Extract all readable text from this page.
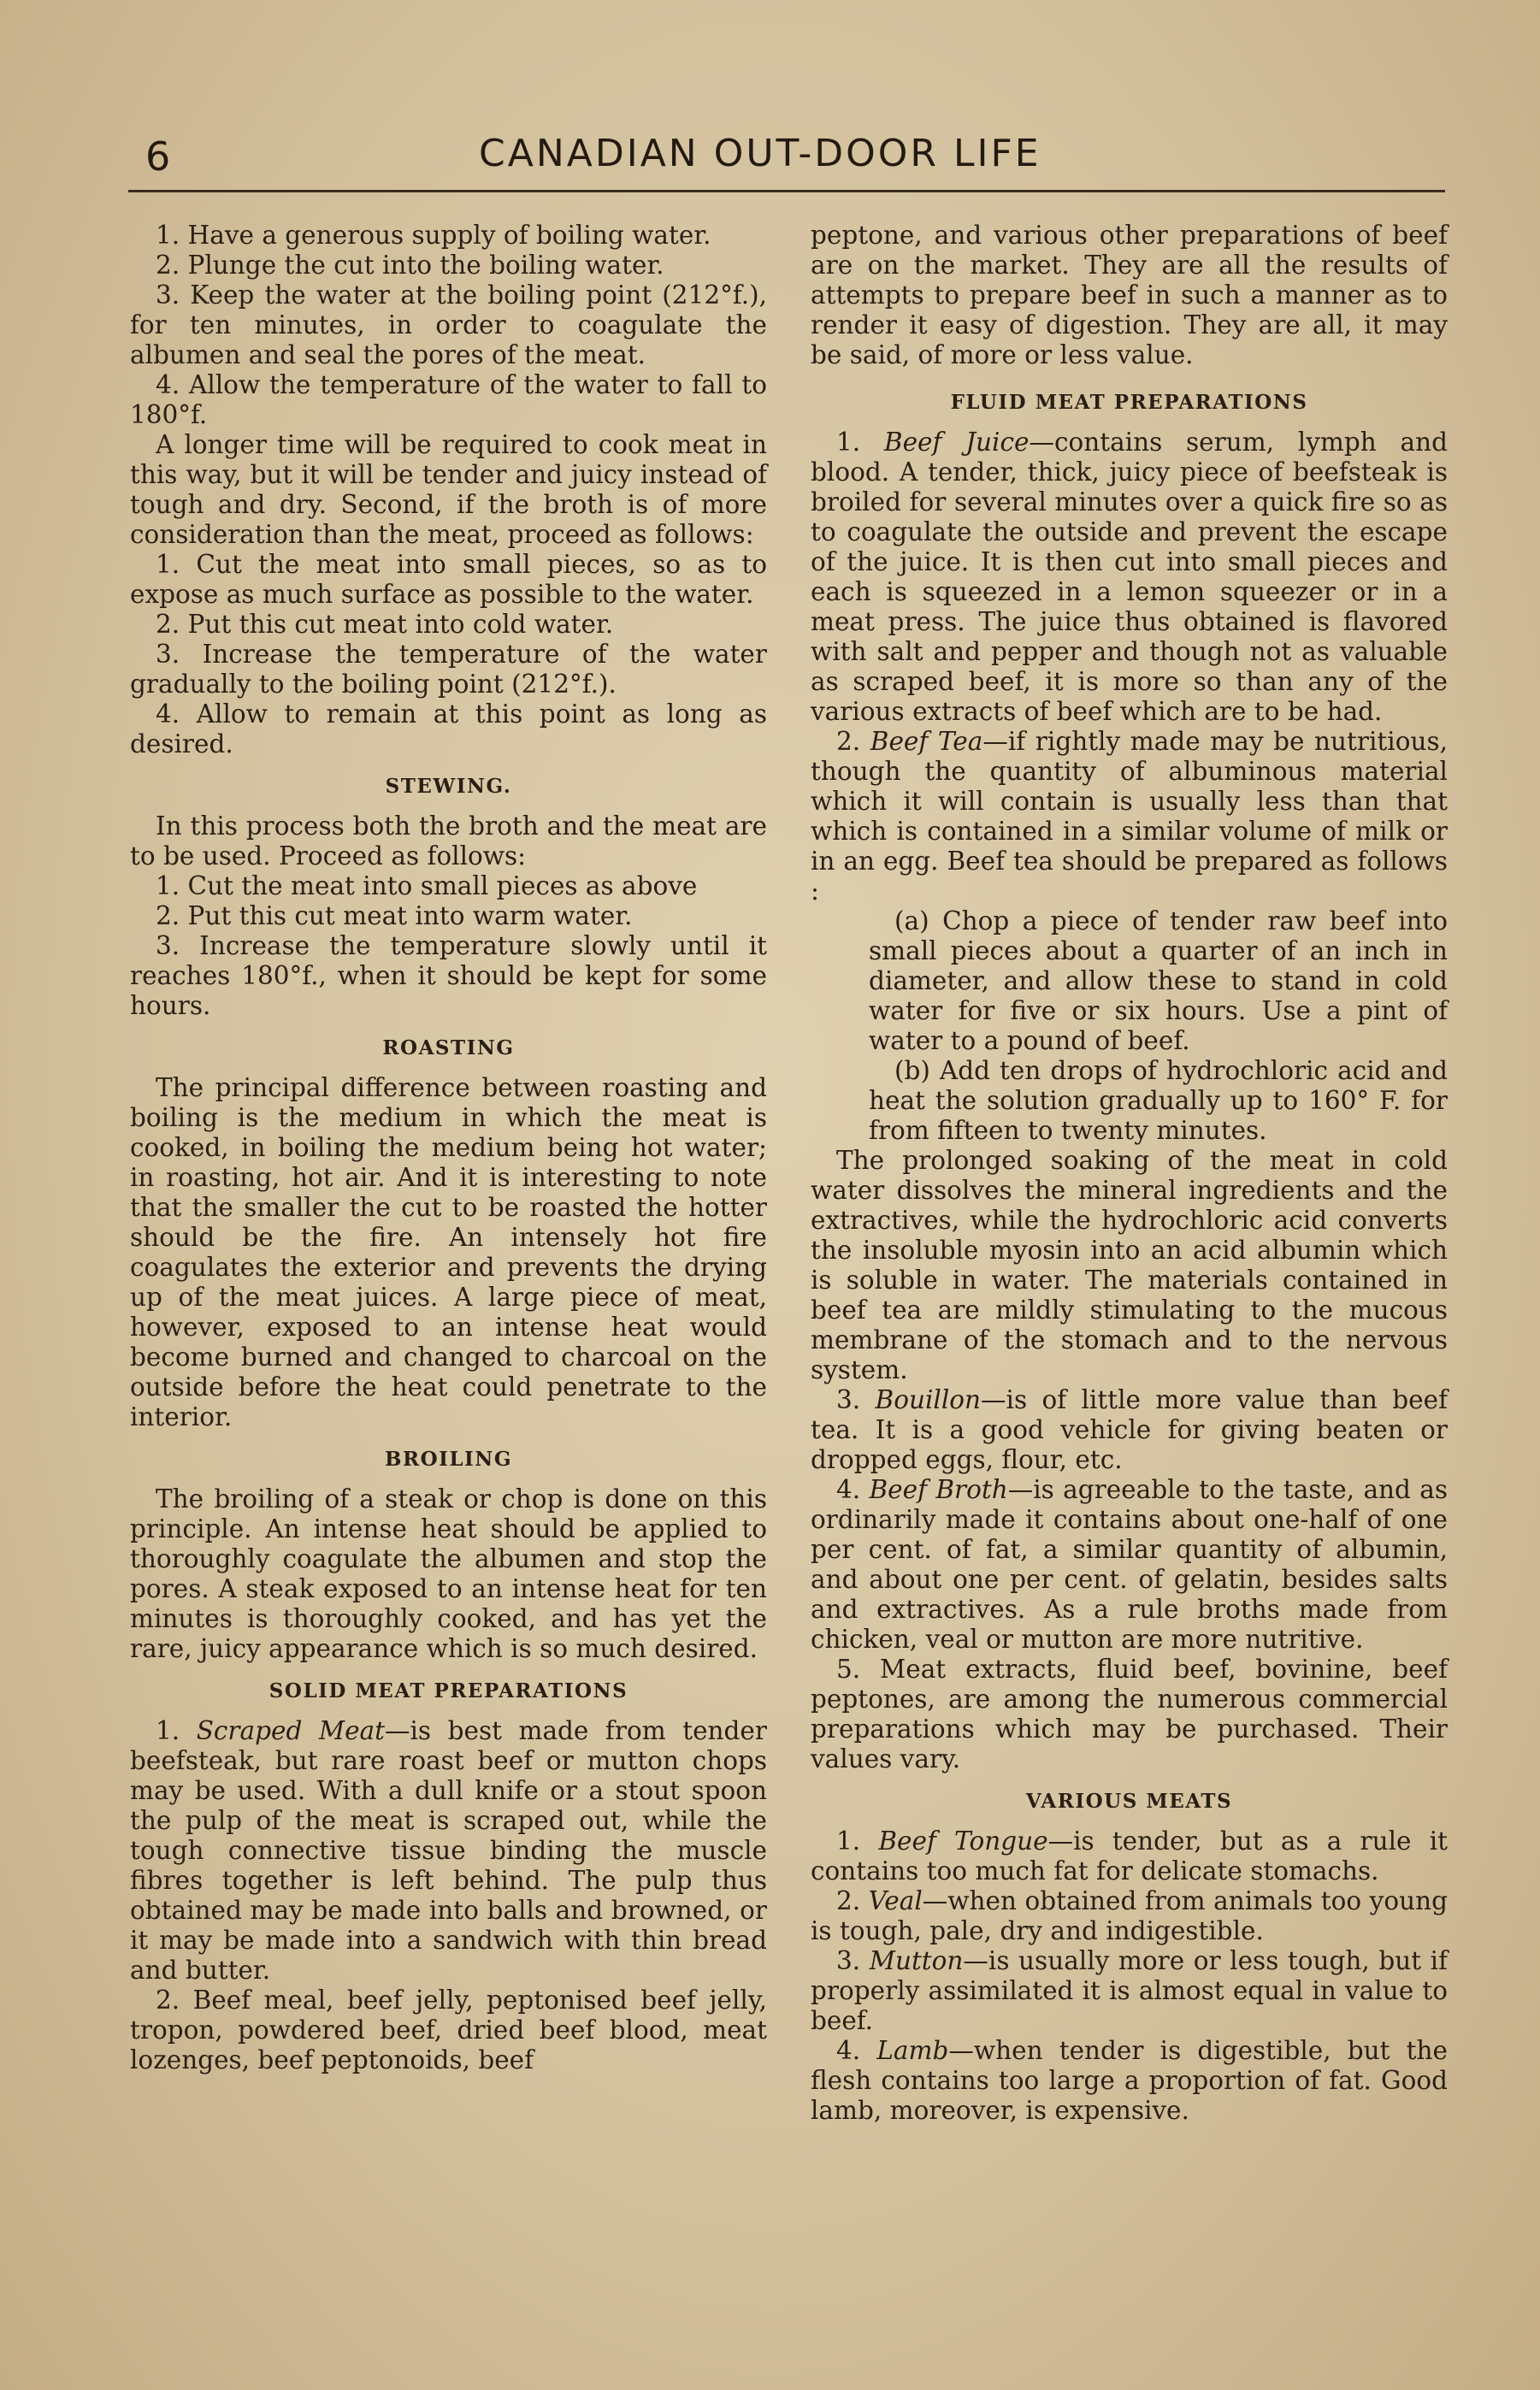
6	CANADIAN OUT-DOOR LIFE

1. Have a generous supply of boiling water.

2. Plunge the cut into the boiling water.

3. Keep the water at the boiling point (212°f.), for ten minutes, in order to coagulate the albumen and seal the pores of the meat.

4. Allow the temperature of the water to fall to 180°f.

A longer time will be required to cook meat in this way, but it will be tender and juicy instead of tough and dry. Second, if the broth is of more consideration than the meat, proceed as follows:

1. Cut the meat into small pieces, so as to expose as much surface as possible to the water.

2. Put this cut meat into cold water.

3. Increase the temperature of the water gradually to the boiling point (212°f.).

4. Allow to remain at this point as long as desired.

STEWING.

In this process both the broth and the meat are to be used. Proceed as follows:

1. Cut the meat into small pieces as above

2. Put this cut meat into warm water.

3. Increase the temperature slowly until it reaches 180°f., when it should be kept for some hours.

ROASTING

The principal difference between roasting and boiling is the medium in which the meat is cooked, in boiling the medium being hot water; in roasting, hot air. And it is interesting to note that the smaller the cut to be roasted the hotter should be the fire. An intensely hot fire coagulates the exterior and prevents the drying up of the meat juices. A large piece of meat, however, exposed to an intense heat would become burned and changed to charcoal on the outside before the heat could penetrate to the interior.

BROILING

The broiling of a steak or chop is done on this principle. An intense heat should be applied to thoroughly coagulate the albumen and stop the pores. A steak exposed to an intense heat for ten minutes is thoroughly cooked, and has yet the rare, juicy appearance which is so much desired.

SOLID MEAT PREPARATIONS

1. Scraped Meat—is best made from tender beefsteak, but rare roast beef or mutton chops may be used. With a dull knife or a stout spoon the pulp of the meat is scraped out, while the tough connective tissue binding the muscle fibres together is left behind. The pulp thus obtained may be made into balls and browned, or it may be made into a sandwich with thin bread and butter.

2. Beef meal, beef jelly, peptonised beef jelly, tropon, powdered beef, dried beef blood, meat lozenges, beef peptonoids, beef

peptone, and various other preparations of beef are on the market. They are all the results of attempts to prepare beef in such a manner as to render it easy of digestion. They are all, it may be said, of more or less value.

FLUID MEAT PREPARATIONS

1. Beef Juice—contains serum, lymph and blood. A tender, thick, juicy piece of beefsteak is broiled for several minutes over a quick fire so as to coagulate the outside and prevent the escape of the juice. It is then cut into small pieces and each is squeezed in a lemon squeezer or in a meat press. The juice thus obtained is flavored with salt and pepper and though not as valuable as scraped beef, it is more so than any of the various extracts of beef which are to be had.

2. Beef Tea—if rightly made may be nutritious, though the quantity of albuminous material which it will contain is usually less than that which is contained in a similar volume of milk or in an egg. Beef tea should be prepared as follows :

(a) Chop a piece of tender raw beef into small pieces about a quarter of an inch in diameter, and allow these to stand in cold water for five or six hours. Use a pint of water to a pound of beef.

(b) Add ten drops of hydrochloric acid and heat the solution gradually up to 160° F. for from fifteen to twenty minutes.

The prolonged soaking of the meat in cold water dissolves the mineral ingredients and the extractives, while the hydrochloric acid converts the insoluble myosin into an acid albumin which is soluble in water. The materials contained in beef tea are mildly stimulating to the mucous membrane of the stomach and to the nervous system.

3. Bouillon—is of little more value than beef tea. It is a good vehicle for giving beaten or dropped eggs, flour, etc.

4. Beef Broth—is agreeable to the taste, and as ordinarily made it contains about one-half of one per cent. of fat, a similar quantity of albumin, and about one per cent. of gelatin, besides salts and extractives. As a rule broths made from chicken, veal or mutton are more nutritive.

5. Meat extracts, fluid beef, bovinine, beef peptones, are among the numerous commercial preparations which may be purchased. Their values vary.

VARIOUS MEATS

1. Beef Tongue—is tender, but as a rule it contains too much fat for delicate stomachs.

2. Veal—when obtained from animals too young is tough, pale, dry and indigestible.

3. Mutton—is usually more or less tough, but if properly assimilated it is almost equal in value to beef.

4. Lamb—when tender is digestible, but the flesh contains too large a proportion of fat. Good lamb, moreover, is expensive.
